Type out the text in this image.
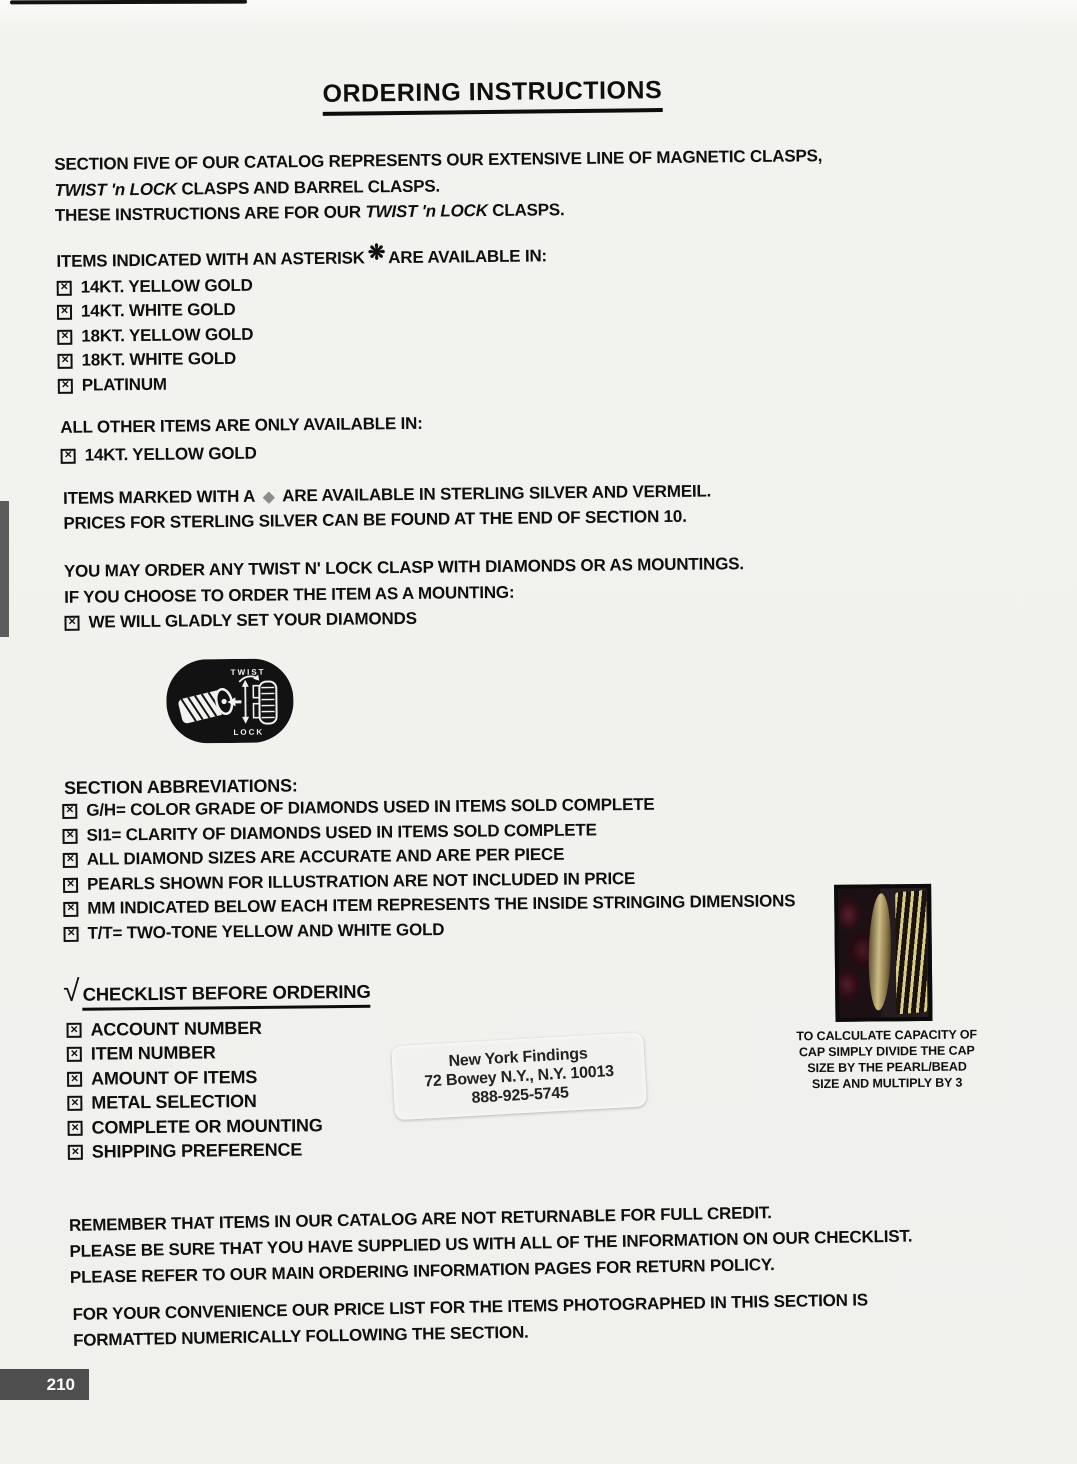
ORDERING INSTRUCTIONS
SECTION FIVE OF OUR CATALOG REPRESENTS OUR EXTENSIVE LINE OF MAGNETIC CLASPS,
TWIST 'n LOCK CLASPS AND BARREL CLASPS.
THESE INSTRUCTIONS ARE FOR OUR TWIST 'n LOCK CLASPS.
ITEMS INDICATED WITH AN ASTERISK ❋ ARE AVAILABLE IN:
✕ 14KT. YELLOW GOLD
✕ 14KT. WHITE GOLD
✕ 18KT. YELLOW GOLD
✕ 18KT. WHITE GOLD
✕ PLATINUM
ALL OTHER ITEMS ARE ONLY AVAILABLE IN:
✕ 14KT. YELLOW GOLD
ITEMS MARKED WITH A ◆ ARE AVAILABLE IN STERLING SILVER AND VERMEIL.
PRICES FOR STERLING SILVER CAN BE FOUND AT THE END OF SECTION 10.
YOU MAY ORDER ANY TWIST N' LOCK CLASP WITH DIAMONDS OR AS MOUNTINGS.
IF YOU CHOOSE TO ORDER THE ITEM AS A MOUNTING:
✕ WE WILL GLADLY SET YOUR DIAMONDS
TWIST
LOCK
SECTION ABBREVIATIONS:
✕ G/H= COLOR GRADE OF DIAMONDS USED IN ITEMS SOLD COMPLETE
✕ SI1= CLARITY OF DIAMONDS USED IN ITEMS SOLD COMPLETE
✕ ALL DIAMOND SIZES ARE ACCURATE AND ARE PER PIECE
✕ PEARLS SHOWN FOR ILLUSTRATION ARE NOT INCLUDED IN PRICE
✕ MM INDICATED BELOW EACH ITEM REPRESENTS THE INSIDE STRINGING DIMENSIONS
✕ T/T= TWO-TONE YELLOW AND WHITE GOLD
√ CHECKLIST BEFORE ORDERING
✕ ACCOUNT NUMBER
✕ ITEM NUMBER
✕ AMOUNT OF ITEMS
✕ METAL SELECTION
✕ COMPLETE OR MOUNTING
✕ SHIPPING PREFERENCE
New York Findings
72 Bowey N.Y., N.Y. 10013
888-925-5745
TO CALCULATE CAPACITY OF
CAP SIMPLY DIVIDE THE CAP
SIZE BY THE PEARL/BEAD
SIZE AND MULTIPLY BY 3
REMEMBER THAT ITEMS IN OUR CATALOG ARE NOT RETURNABLE FOR FULL CREDIT.
PLEASE BE SURE THAT YOU HAVE SUPPLIED US WITH ALL OF THE INFORMATION ON OUR CHECKLIST.
PLEASE REFER TO OUR MAIN ORDERING INFORMATION PAGES FOR RETURN POLICY.
FOR YOUR CONVENIENCE OUR PRICE LIST FOR THE ITEMS PHOTOGRAPHED IN THIS SECTION IS
FORMATTED NUMERICALLY FOLLOWING THE SECTION.
210
